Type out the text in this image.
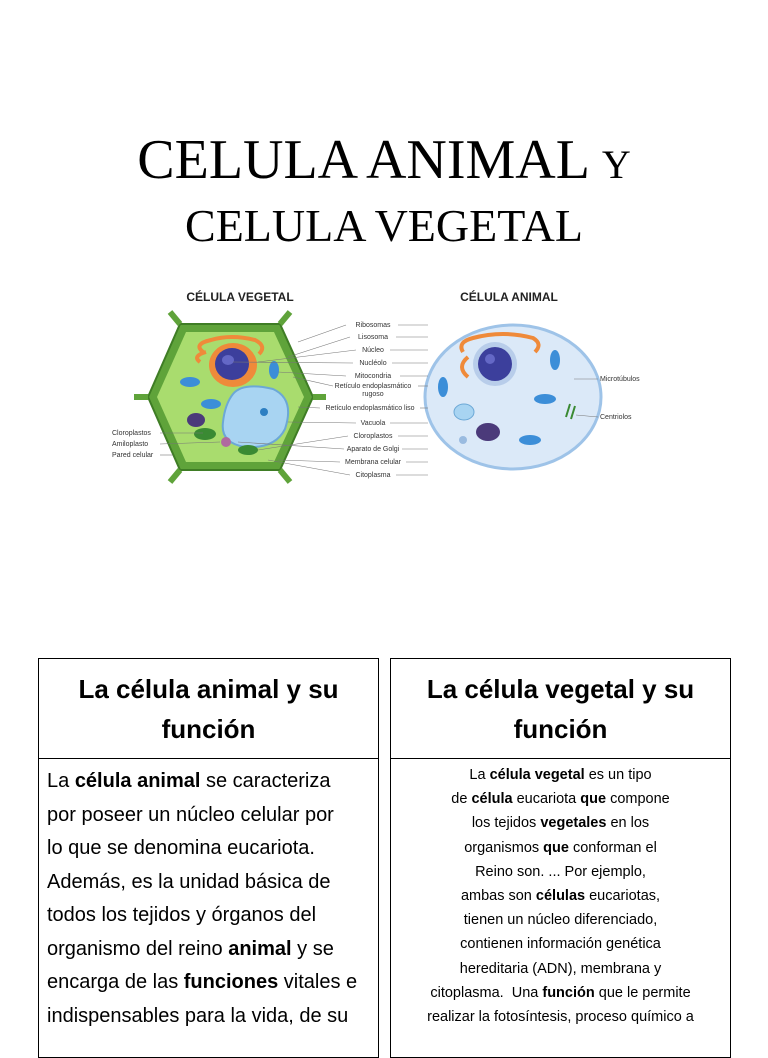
CELULA ANIMAL Y
CELULA VEGETAL
CÉLULA VEGETAL	CÉLULA ANIMAL
Ribosomas
Lisosoma
Núcleo
Nucléolo
Mitocondria
Retículo endoplasmático
rugoso
Retículo endoplasmático liso
Vacuola
Cloroplastos
Aparato de Golgi
Membrana celular
Citoplasma
Cloroplastos
Amiloplasto
Pared celular
Microtúbulos
Centriolos
La célula animal y su función
La célula animal se caracteriza
por poseer un núcleo celular por
lo que se denomina eucariota.
Además, es la unidad básica de
todos los tejidos y órganos del
organismo del reino animal y se
encarga de las funciones vitales e
indispensables para la vida, de su
La célula vegetal y su función
La célula vegetal es un tipo
de célula eucariota que compone
los tejidos vegetales en los
organismos que conforman el
Reino son. ... Por ejemplo,
ambas son células eucariotas,
tienen un núcleo diferenciado,
contienen información genética
hereditaria (ADN), membrana y
citoplasma.  Una función que le permite
realizar la fotosíntesis, proceso químico a
